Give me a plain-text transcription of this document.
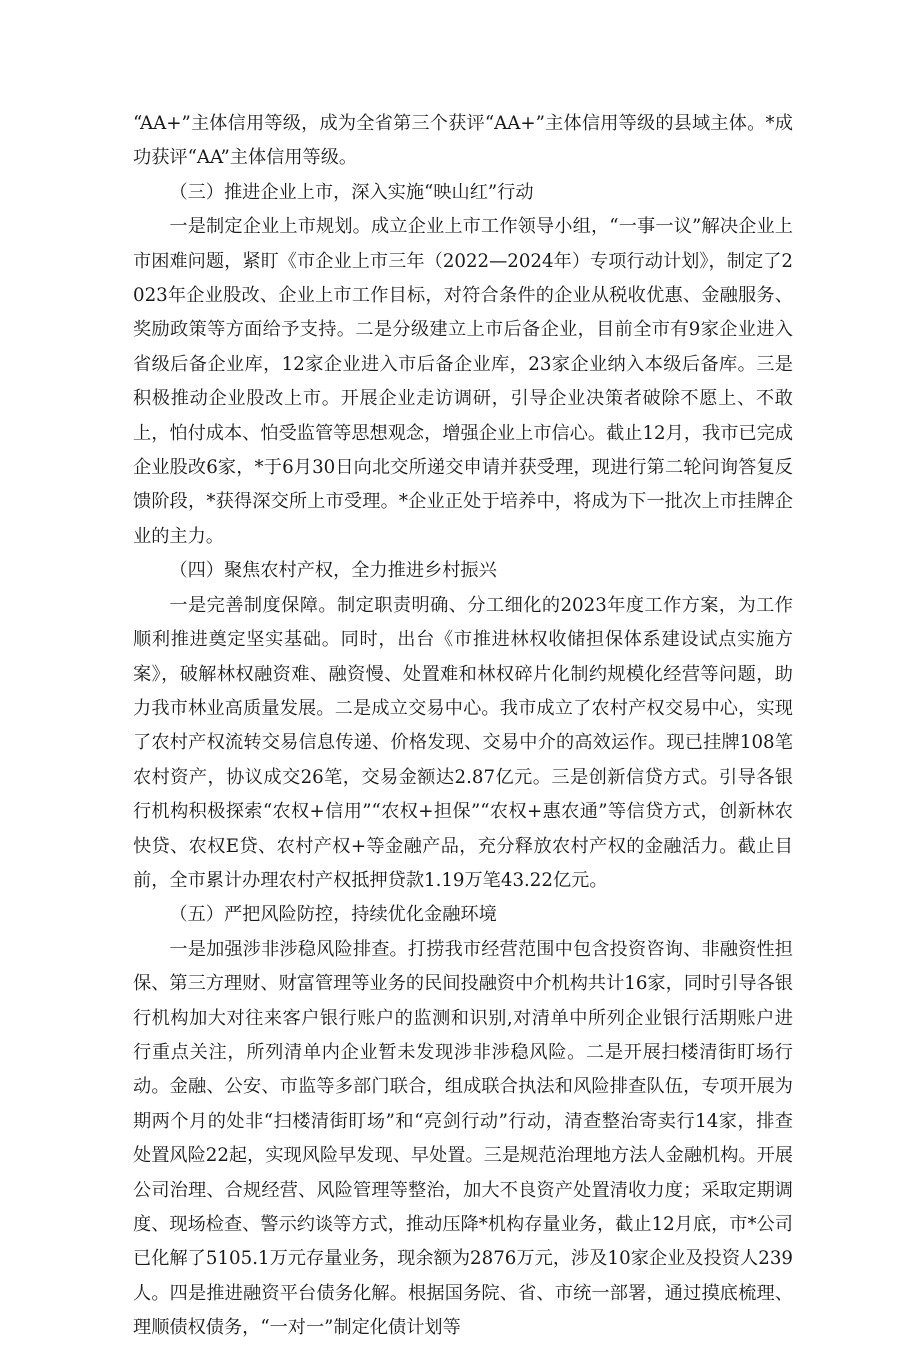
“AA+”主体信用等级，成为全省第三个获评“AA+”主体信用等级的县域主体。*成功获评“AA”主体信用等级。

（三）推进企业上市，深入实施“映山红”行动

一是制定企业上市规划。成立企业上市工作领导小组，“一事一议”解决企业上市困难问题，紧盯《市企业上市三年（2022—2024年）专项行动计划》，制定了2023年企业股改、企业上市工作目标，对符合条件的企业从税收优惠、金融服务、奖励政策等方面给予支持。二是分级建立上市后备企业，目前全市有9家企业进入省级后备企业库，12家企业进入市后备企业库，23家企业纳入本级后备库。三是积极推动企业股改上市。开展企业走访调研，引导企业决策者破除不愿上、不敢上，怕付成本、怕受监管等思想观念，增强企业上市信心。截止12月，我市已完成企业股改6家，*于6月30日向北交所递交申请并获受理，现进行第二轮问询答复反馈阶段，*获得深交所上市受理。*企业正处于培养中，将成为下一批次上市挂牌企业的主力。

（四）聚焦农村产权，全力推进乡村振兴

一是完善制度保障。制定职责明确、分工细化的2023年度工作方案，为工作顺利推进奠定坚实基础。同时，出台《市推进林权收储担保体系建设试点实施方案》，破解林权融资难、融资慢、处置难和林权碎片化制约规模化经营等问题，助力我市林业高质量发展。二是成立交易中心。我市成立了农村产权交易中心，实现了农村产权流转交易信息传递、价格发现、交易中介的高效运作。现已挂牌108笔农村资产，协议成交26笔，交易金额达2.87亿元。三是创新信贷方式。引导各银行机构积极探索“农权+信用”“农权+担保”“农权+惠农通”等信贷方式，创新林农快贷、农权E贷、农村产权+等金融产品，充分释放农村产权的金融活力。截止目前，全市累计办理农村产权抵押贷款1.19万笔43.22亿元。

（五）严把风险防控，持续优化金融环境

一是加强涉非涉稳风险排查。打捞我市经营范围中包含投资咨询、非融资性担保、第三方理财、财富管理等业务的民间投融资中介机构共计16家，同时引导各银行机构加大对往来客户银行账户的监测和识别,对清单中所列企业银行活期账户进行重点关注，所列清单内企业暂未发现涉非涉稳风险。二是开展扫楼清街盯场行动。金融、公安、市监等多部门联合，组成联合执法和风险排查队伍，专项开展为期两个月的处非“扫楼清街盯场”和“亮剑行动”行动，清查整治寄卖行14家，排查处置风险22起，实现风险早发现、早处置。三是规范治理地方法人金融机构。开展公司治理、合规经营、风险管理等整治，加大不良资产处置清收力度；采取定期调度、现场检查、警示约谈等方式，推动压降*机构存量业务，截止12月底，市*公司已化解了5105.1万元存量业务，现余额为2876万元，涉及10家企业及投资人239人。四是推进融资平台债务化解。根据国务院、省、市统一部署，通过摸底梳理、理顺债权债务，“一对一”制定化债计划等
